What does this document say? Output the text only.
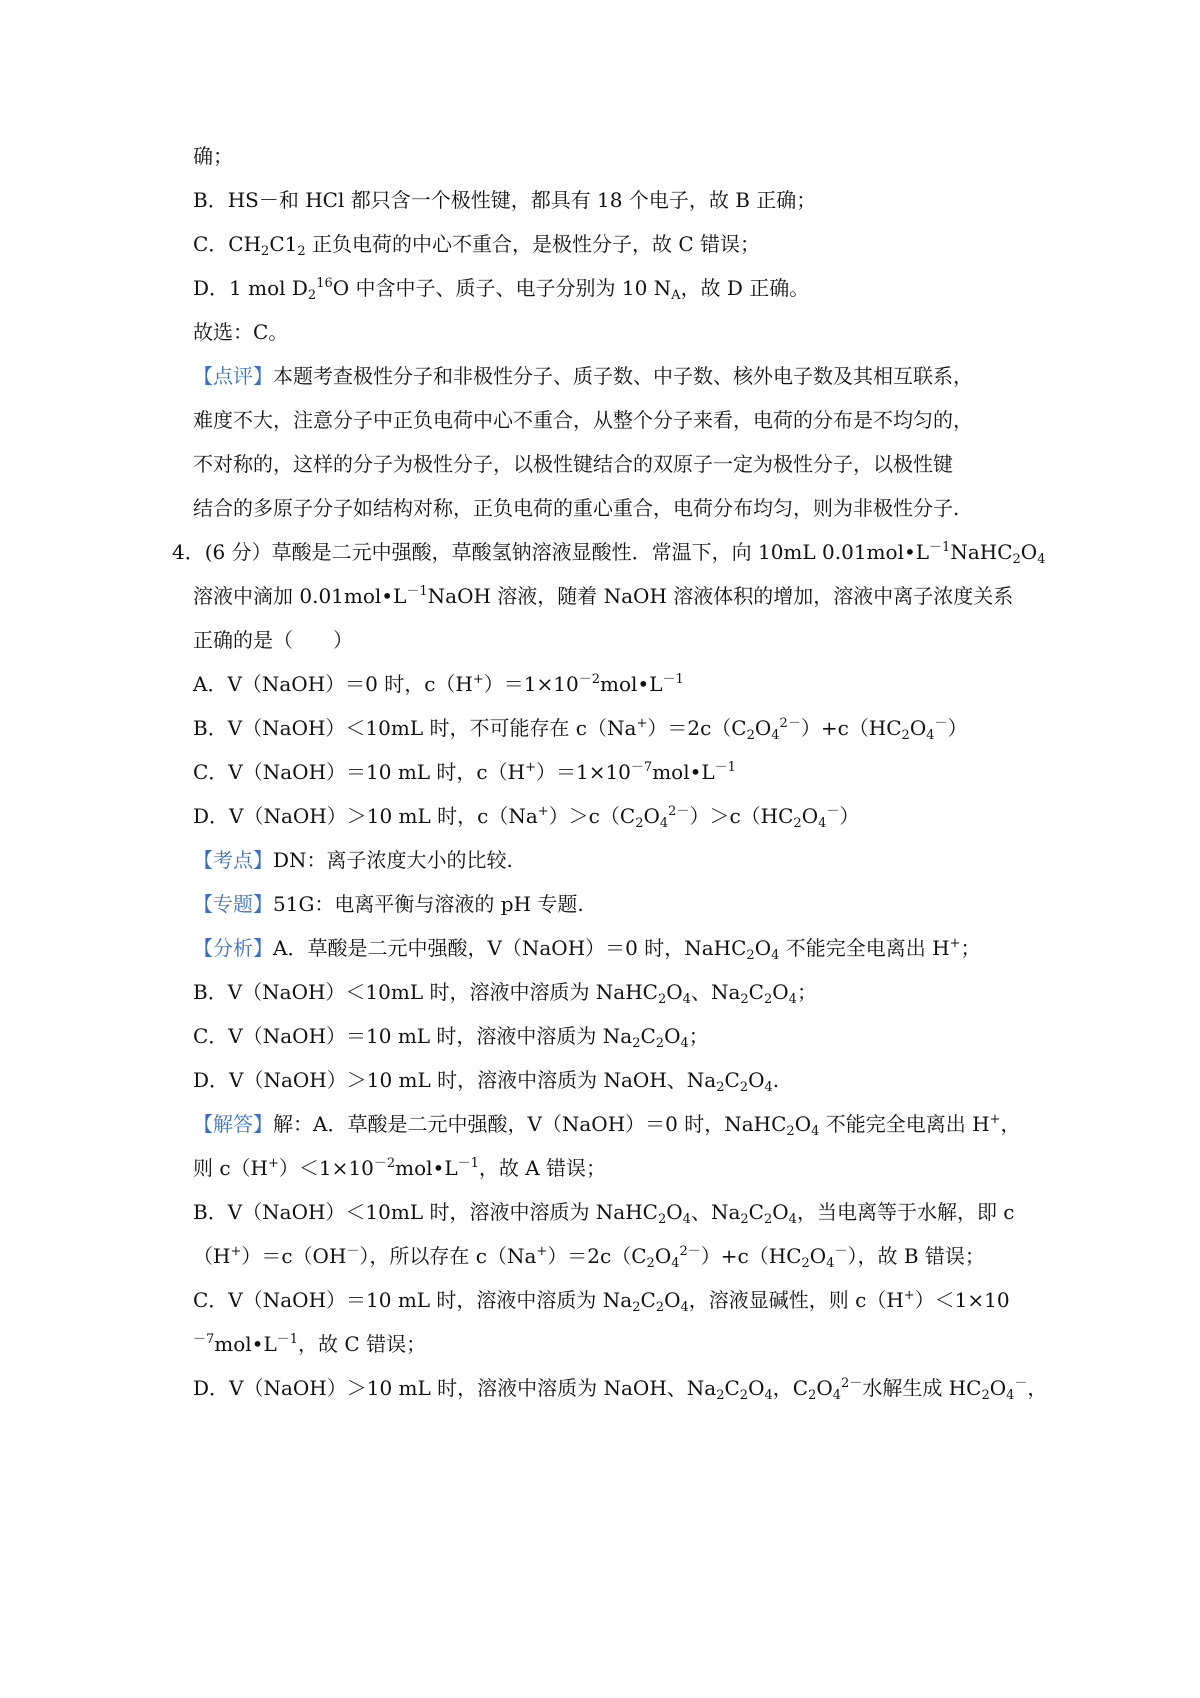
确；
B．HS－和 HCl 都只含一个极性键，都具有 18 个电子，故 B 正确；
C．$CH_2C1_2$ 正负电荷的中心不重合，是极性分子，故 C 错误；
D．1 mol $D_2^{16}O$ 中含中子、质子、电子分别为 10 $N_A$，故 D 正确。
故选：C。
【点评】本题考查极性分子和非极性分子、质子数、中子数、核外电子数及其相互联系，
难度不大，注意分子中正负电荷中心不重合，从整个分子来看，电荷的分布是不均匀的，
不对称的，这样的分子为极性分子，以极性键结合的双原子一定为极性分子，以极性键
结合的多原子分子如结构对称，正负电荷的重心重合，电荷分布均匀，则为非极性分子.
4．(6 分）草酸是二元中强酸，草酸氢钠溶液显酸性．常温下，向 10mL $0.01mol•L^{-1}NaHC_2O_4$
溶液中滴加 $0.01mol•L^{-1}NaOH$ 溶液，随着 NaOH 溶液体积的增加，溶液中离子浓度关系
正确的是（　　）
A．V（NaOH）＝0 时，$c(H^+)=1\times 10^{-2}mol•L^{-1}$
B．V（NaOH）＜10mL 时，不可能存在 $c(Na^+)=2c(C_2O_4^{2-})+c(HC_2O_4^-)$
C．V（NaOH）＝10 mL 时，$c(H^+)=1\times 10^{-7}mol•L^{-1}$
D．V（NaOH）＞10 mL 时，$c(Na^+)>c(C_2O_4^{2-})>c(HC_2O_4^-)$
【考点】DN：离子浓度大小的比较.
【专题】51G：电离平衡与溶液的 pH 专题.
【分析】A．草酸是二元中强酸，V（NaOH）＝0 时，$NaHC_2O_4$ 不能完全电离出 H+；
B．V（NaOH）＜10mL 时，溶液中溶质为 $NaHC_2O_4$、$Na_2C_2O_4$；
C．V（NaOH）＝10 mL 时，溶液中溶质为 $Na_2C_2O_4$；
D．V（NaOH）＞10 mL 时，溶液中溶质为 NaOH、$Na_2C_2O_4$.
【解答】解：A．草酸是二元中强酸，V（NaOH）＝0 时，$NaHC_2O_4$ 不能完全电离出 H+，
则 $c(H^+)<1\times 10^{-2}mol•L^{-1}$，故 A 错误；
B．V（NaOH）＜10mL 时，溶液中溶质为 $NaHC_2O_4$、$Na_2C_2O_4$，当电离等于水解，即 c
（H+）＝c（OH－），所以存在 $c(Na^+)=2c(C_2O_4^{2-})+c(HC_2O_4^-)$，故 B 错误；
C．V（NaOH）＝10 mL 时，溶液中溶质为 $Na_2C_2O_4$，溶液显碱性，则 c（H+）＜1×10
$^{-7}mol•L^{-1}$，故 C 错误；
D．V（NaOH）＞10 mL 时，溶液中溶质为 NaOH、$Na_2C_2O_4$，$C_2O_4^{2-}$水解生成 $HC_2O_4^-$，
